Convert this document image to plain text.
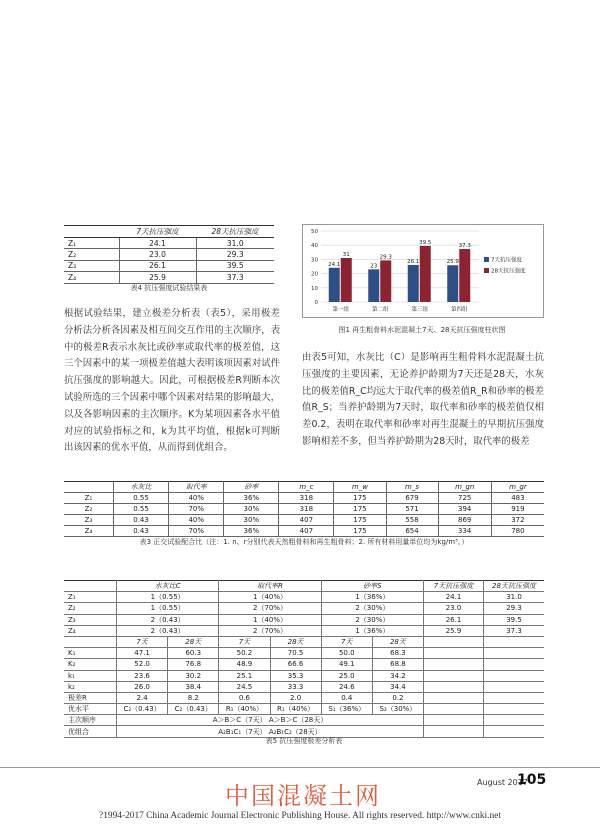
	7天抗压强度	28天抗压强度
Z₁	24.1	31.0
Z₂	23.0	29.3
Z₃	26.1	39.5
Z₄	25.9	37.3
表4 抗压强度试验结果表
根据试验结果，建立极差分析表（表5），采用极差分析法分析各因素及相互间交互作用的主次顺序，表中的极差R表示水灰比或砂率或取代率的极差值，这三个因素中的某一项极差值越大表明该项因素对试件抗压强度的影响越大。因此，可根据极差R判断本次试验所选的三个因素中哪个因素对结果的影响最大，以及各影响因素的主次顺序。K为某项因素各水平值对应的试验指标之和，k为其平均值，根据k可判断出该因素的优水平值，从而得到优组合。
0
10
20
30
40
50
24.1
31
第一组
23
29.3
第二组
26.1
39.5
第三组
25.9
37.3
第四组
7天抗压强度
28天抗压强度
图1 再生粗骨料水泥混凝土7天、28天抗压强度柱状图
由表5可知，水灰比（C）是影响再生粗骨料水泥混凝土抗压强度的主要因素，无论养护龄期为7天还是28天，水灰比的极差值R_C均远大于取代率的极差值R_R和砂率的极差值R_S；当养护龄期为7天时，取代率和砂率的极差值仅相差0.2，表明在取代率和砂率对再生混凝土的早期抗压强度影响相差不多，但当养护龄期为28天时，取代率的极差
	水灰比	取代率	砂率	m_c	m_w	m_s	m_gn	m_gr
Z₁	0.55	40%	36%	318	175	679	725	483
Z₂	0.55	70%	30%	318	175	571	394	919
Z₃	0.43	40%	30%	407	175	558	869	372
Z₄	0.43	70%	36%	407	175	654	334	780
表3 正交试验配合比（注：1. n、r分别代表天然粗骨料和再生粗骨料；2. 所有材料用量单位均为kg/m³。）
	水灰比C		取代率R		砂率S		7天抗压强度	28天抗压强度
Z₁	1（0.55）		1（40%）		1（36%）		24.1	31.0
Z₂	1（0.55）		2（70%）		2（30%）		23.0	29.3
Z₃	2（0.43）		1（40%）		2（30%）		26.1	39.5
Z₄	2（0.43）		2（70%）		1（36%）		25.9	37.3
	7天	28天	7天	28天	7天	28天		
K₁	47.1	60.3	50.2	70.5	50.0	68.3		
K₂	52.0	76.8	48.9	66.6	49.1	68.8		
k₁	23.6	30.2	25.1	35.3	25.0	34.2		
k₂	26.0	38.4	24.5	33.3	24.6	34.4		
极差R	2.4	8.2	0.6	2.0	0.4	0.2		
优水平	C₂（0.43）	C₂（0.43）	R₁（40%）	R₁（40%）	S₁（36%）	S₂（30%）		
主次顺序	A＞B＞C（7天） A＞B＞C（28天）							
优组合	A₂B₁C₁（7天） A₂B₁C₂（28天）							
表5 抗压强度极差分析表
August 2017
105
中国混凝土网
?1994-2017 China Academic Journal Electronic Publishing House. All rights reserved. http://www.cnki.net
